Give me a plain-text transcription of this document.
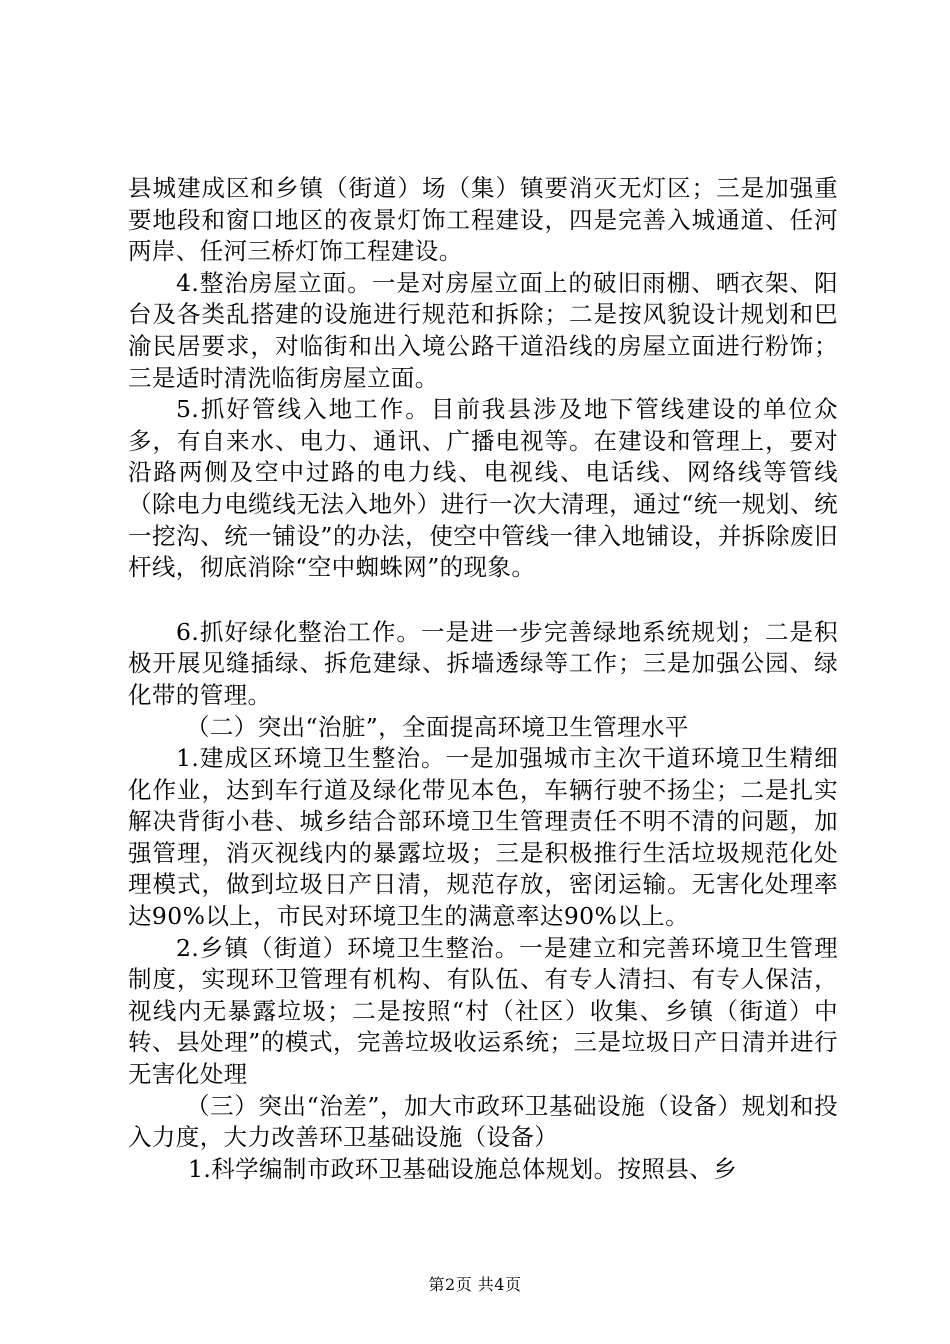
县城建成区和乡镇（街道）场（集）镇要消灭无灯区；三是加强重要地段和窗口地区的夜景灯饰工程建设，四是完善入城通道、任河两岸、任河三桥灯饰工程建设。

4.整治房屋立面。一是对房屋立面上的破旧雨棚、晒衣架、阳台及各类乱搭建的设施进行规范和拆除；二是按风貌设计规划和巴渝民居要求，对临街和出入境公路干道沿线的房屋立面进行粉饰；三是适时清洗临街房屋立面。

5.抓好管线入地工作。目前我县涉及地下管线建设的单位众多，有自来水、电力、通讯、广播电视等。在建设和管理上，要对沿路两侧及空中过路的电力线、电视线、电话线、网络线等管线（除电力电缆线无法入地外）进行一次大清理，通过“统一规划、统一挖沟、统一铺设”的办法，使空中管线一律入地铺设，并拆除废旧杆线，彻底消除“空中蜘蛛网”的现象。

6.抓好绿化整治工作。一是进一步完善绿地系统规划；二是积极开展见缝插绿、拆危建绿、拆墙透绿等工作；三是加强公园、绿化带的管理。

（二）突出“治脏”，全面提高环境卫生管理水平

1.建成区环境卫生整治。一是加强城市主次干道环境卫生精细化作业，达到车行道及绿化带见本色，车辆行驶不扬尘；二是扎实解决背街小巷、城乡结合部环境卫生管理责任不明不清的问题，加强管理，消灭视线内的暴露垃圾；三是积极推行生活垃圾规范化处理模式，做到垃圾日产日清，规范存放，密闭运输。无害化处理率达90%以上，市民对环境卫生的满意率达90%以上。

2.乡镇（街道）环境卫生整治。一是建立和完善环境卫生管理制度，实现环卫管理有机构、有队伍、有专人清扫、有专人保洁，视线内无暴露垃圾；二是按照“村（社区）收集、乡镇（街道）中转、县处理”的模式，完善垃圾收运系统；三是垃圾日产日清并进行无害化处理

（三）突出“治差”，加大市政环卫基础设施（设备）规划和投入力度，大力改善环卫基础设施（设备）

1.科学编制市政环卫基础设施总体规划。按照县、乡

第2页 共4页
